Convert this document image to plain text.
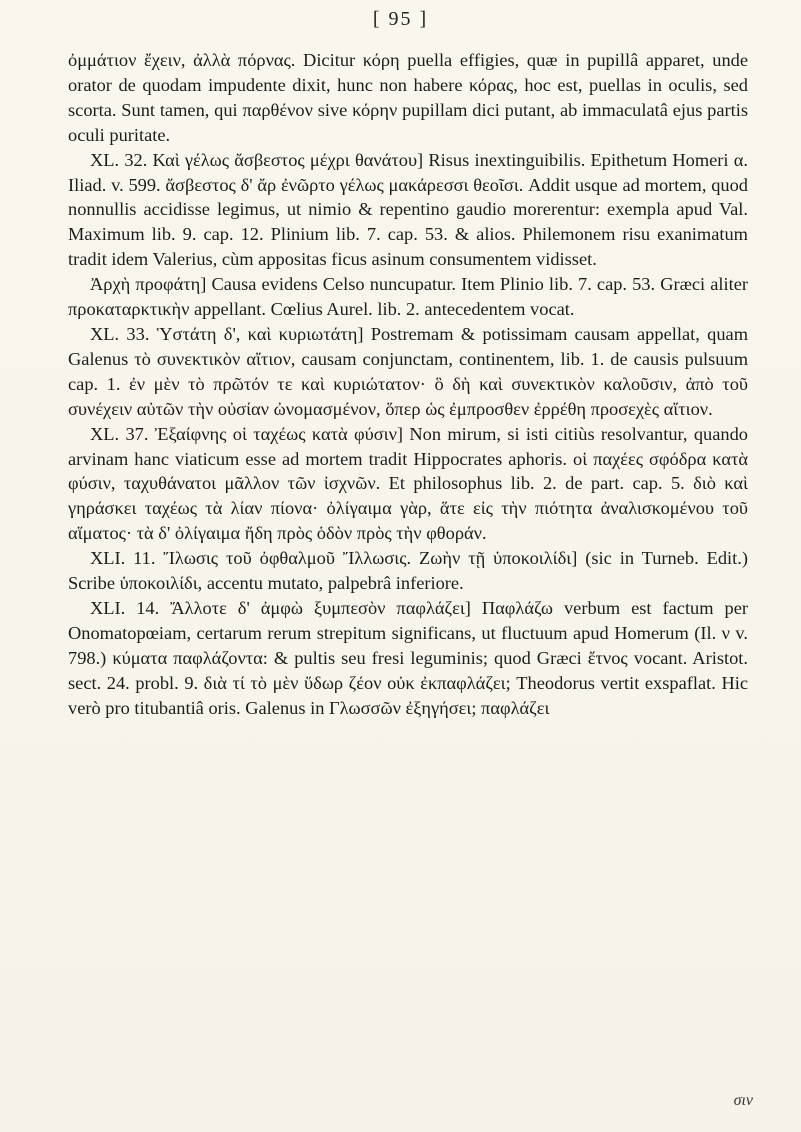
[ 95 ]

ὀμμάτιον ἔχειν, ἀλλὰ πόρνας. Dicitur κόρη puella effigies, quæ in pupillâ apparet, unde orator de quodam impudente dixit, hunc non habere κόρας, hoc est, puellas in oculis, sed scorta. Sunt tamen, qui παρθένον sive κόρην pupillam dici putant, ab immaculatâ ejus partis oculi puritate.

XL. 32. Καὶ γέλως ἄσβεστος μέχρι θανάτου] Risus inextinguibilis. Epithetum Homeri α. Iliad. v. 599. ἄσβεστος δ' ἄρ ἐνῶρτο γέλως μακάρεσσι θεοῖσι. Addit usque ad mortem, quod nonnullis accidisse legimus, ut nimio & repentino gaudio morerentur: exempla apud Val. Maximum lib. 9. cap. 12. Plinium lib. 7. cap. 53. & alios. Philemonem risu exanimatum tradit idem Valerius, cùm appositas ficus asinum consumentem vidisset.

Ἀρχὴ προφάτη] Causa evidens Celso nuncupatur. Item Plinio lib. 7. cap. 53. Græci aliter προκαταρκτικὴν appellant. Cœlius Aurel. lib. 2. antecedentem vocat.

XL. 33. Ὑστάτη δ', καὶ κυριωτάτη] Postremam & potissimam causam appellat, quam Galenus τὸ συνεκτικὸν αἴτιον, causam conjunctam, continentem, lib. 1. de causis pulsuum cap. 1. ἐν μὲν τὸ πρῶτόν τε καὶ κυριώτατον· ὃ δὴ καὶ συνεκτικὸν καλοῦσιν, ἀπὸ τοῦ συνέχειν αὐτῶν τὴν οὐσίαν ὠνομασμένον, ὅπερ ὡς ἐμπροσθεν ἐρρέθη προσεχὲς αἴτιον.

XL. 37. Ἐξαίφνης οἱ ταχέως κατὰ φύσιν] Non mirum, si isti citiùs resolvantur, quando arvinam hanc viaticum esse ad mortem tradit Hippocrates aphoris. οἱ παχέες σφόδρα κατὰ φύσιν, ταχυθάνατοι μᾶλλον τῶν ἰσχνῶν. Et philosophus lib. 2. de part. cap. 5. διὸ καὶ γηράσκει ταχέως τὰ λίαν πίονα· ὀλίγαιμα γὰρ, ἅτε εἰς τὴν πιότητα ἀναλισκομένου τοῦ αἵματος· τὰ δ' ὀλίγαιμα ἤδη πρὸς ὁδὸν πρὸς τὴν φθοράν.

XLI. 11. Ἴλωσις τοῦ ὀφθαλμοῦ Ἴλλωσις. Ζωὴν τῇ ὑποκοιλίδι] (sic in Turneb. Edit.) Scribe ὑποκοιλίδι, accentu mutato, palpebrâ inferiore.

XLI. 14. Ἄλλοτε δ' ἀμφὼ ξυμπεσὸν παφλάζει] Παφλάζω verbum est factum per Onomatopœiam, certarum rerum strepitum significans, ut fluctuum apud Homerum (Il. ν v. 798.) κύματα παφλάζοντα: & pultis seu fresi leguminis; quod Græci ἔτνος vocant. Aristot. sect. 24. probl. 9. διὰ τί τὸ μὲν ὕδωρ ζέον οὐκ ἐκπαφλάζει; Theodorus vertit exspaflat. Hic verò pro titubantiâ oris. Galenus in Γλωσσῶν ἐξηγήσει; παφλάζει

σιν
